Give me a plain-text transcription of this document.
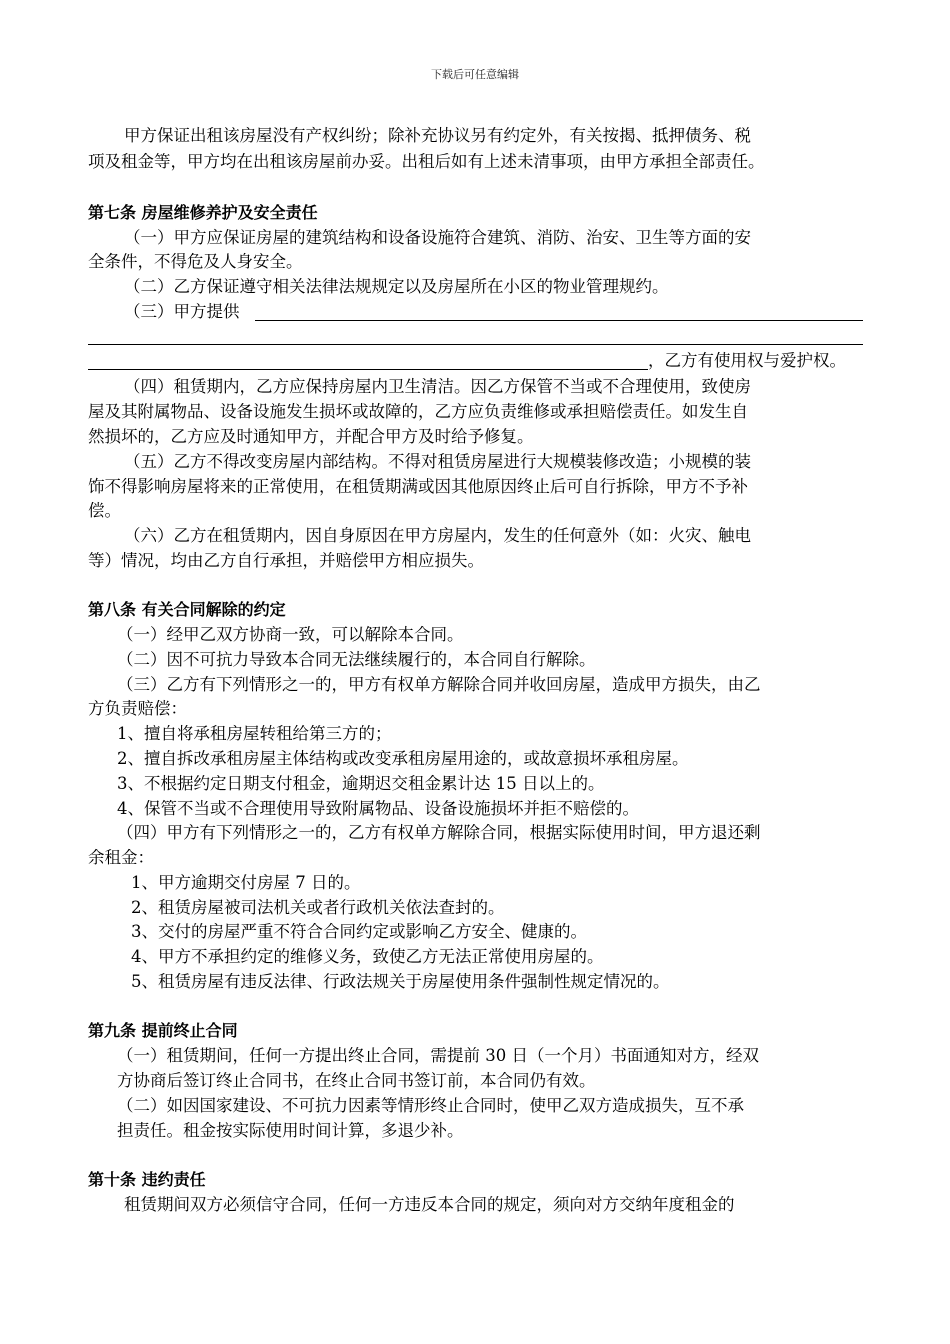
下载后可任意编辑
甲方保证出租该房屋没有产权纠纷；除补充协议另有约定外，有关按揭、抵押债务、税
项及租金等，甲方均在出租该房屋前办妥。出租后如有上述未清事项，由甲方承担全部责任。
第七条 房屋维修养护及安全责任
（一）甲方应保证房屋的建筑结构和设备设施符合建筑、消防、治安、卫生等方面的安
全条件，不得危及人身安全。
（二）乙方保证遵守相关法律法规规定以及房屋所在小区的物业管理规约。
（三）甲方提供
，乙方有使用权与爱护权。
（四）租赁期内，乙方应保持房屋内卫生清洁。因乙方保管不当或不合理使用，致使房
屋及其附属物品、设备设施发生损坏或故障的，乙方应负责维修或承担赔偿责任。如发生自
然损坏的，乙方应及时通知甲方，并配合甲方及时给予修复。
（五）乙方不得改变房屋内部结构。不得对租赁房屋进行大规模装修改造；小规模的装
饰不得影响房屋将来的正常使用，在租赁期满或因其他原因终止后可自行拆除，甲方不予补
偿。
（六）乙方在租赁期内，因自身原因在甲方房屋内，发生的任何意外（如：火灾、触电
等）情况，均由乙方自行承担，并赔偿甲方相应损失。
第八条 有关合同解除的约定
（一）经甲乙双方协商一致，可以解除本合同。
（二）因不可抗力导致本合同无法继续履行的，本合同自行解除。
（三）乙方有下列情形之一的，甲方有权单方解除合同并收回房屋，造成甲方损失，由乙
方负责赔偿：
1、擅自将承租房屋转租给第三方的；
2、擅自拆改承租房屋主体结构或改变承租房屋用途的，或故意损坏承租房屋。
3、不根据约定日期支付租金，逾期迟交租金累计达 15 日以上的。
4、保管不当或不合理使用导致附属物品、设备设施损坏并拒不赔偿的。
（四）甲方有下列情形之一的，乙方有权单方解除合同，根据实际使用时间，甲方退还剩
余租金：
1、甲方逾期交付房屋 7 日的。
2、租赁房屋被司法机关或者行政机关依法查封的。
3、交付的房屋严重不符合合同约定或影响乙方安全、健康的。
4、甲方不承担约定的维修义务，致使乙方无法正常使用房屋的。
5、租赁房屋有违反法律、行政法规关于房屋使用条件强制性规定情况的。
第九条 提前终止合同
（一）租赁期间，任何一方提出终止合同，需提前 30 日（一个月）书面通知对方，经双
方协商后签订终止合同书，在终止合同书签订前，本合同仍有效。
（二）如因国家建设、不可抗力因素等情形终止合同时，使甲乙双方造成损失，互不承
担责任。租金按实际使用时间计算，多退少补。
第十条 违约责任
租赁期间双方必须信守合同，任何一方违反本合同的规定，须向对方交纳年度租金的
